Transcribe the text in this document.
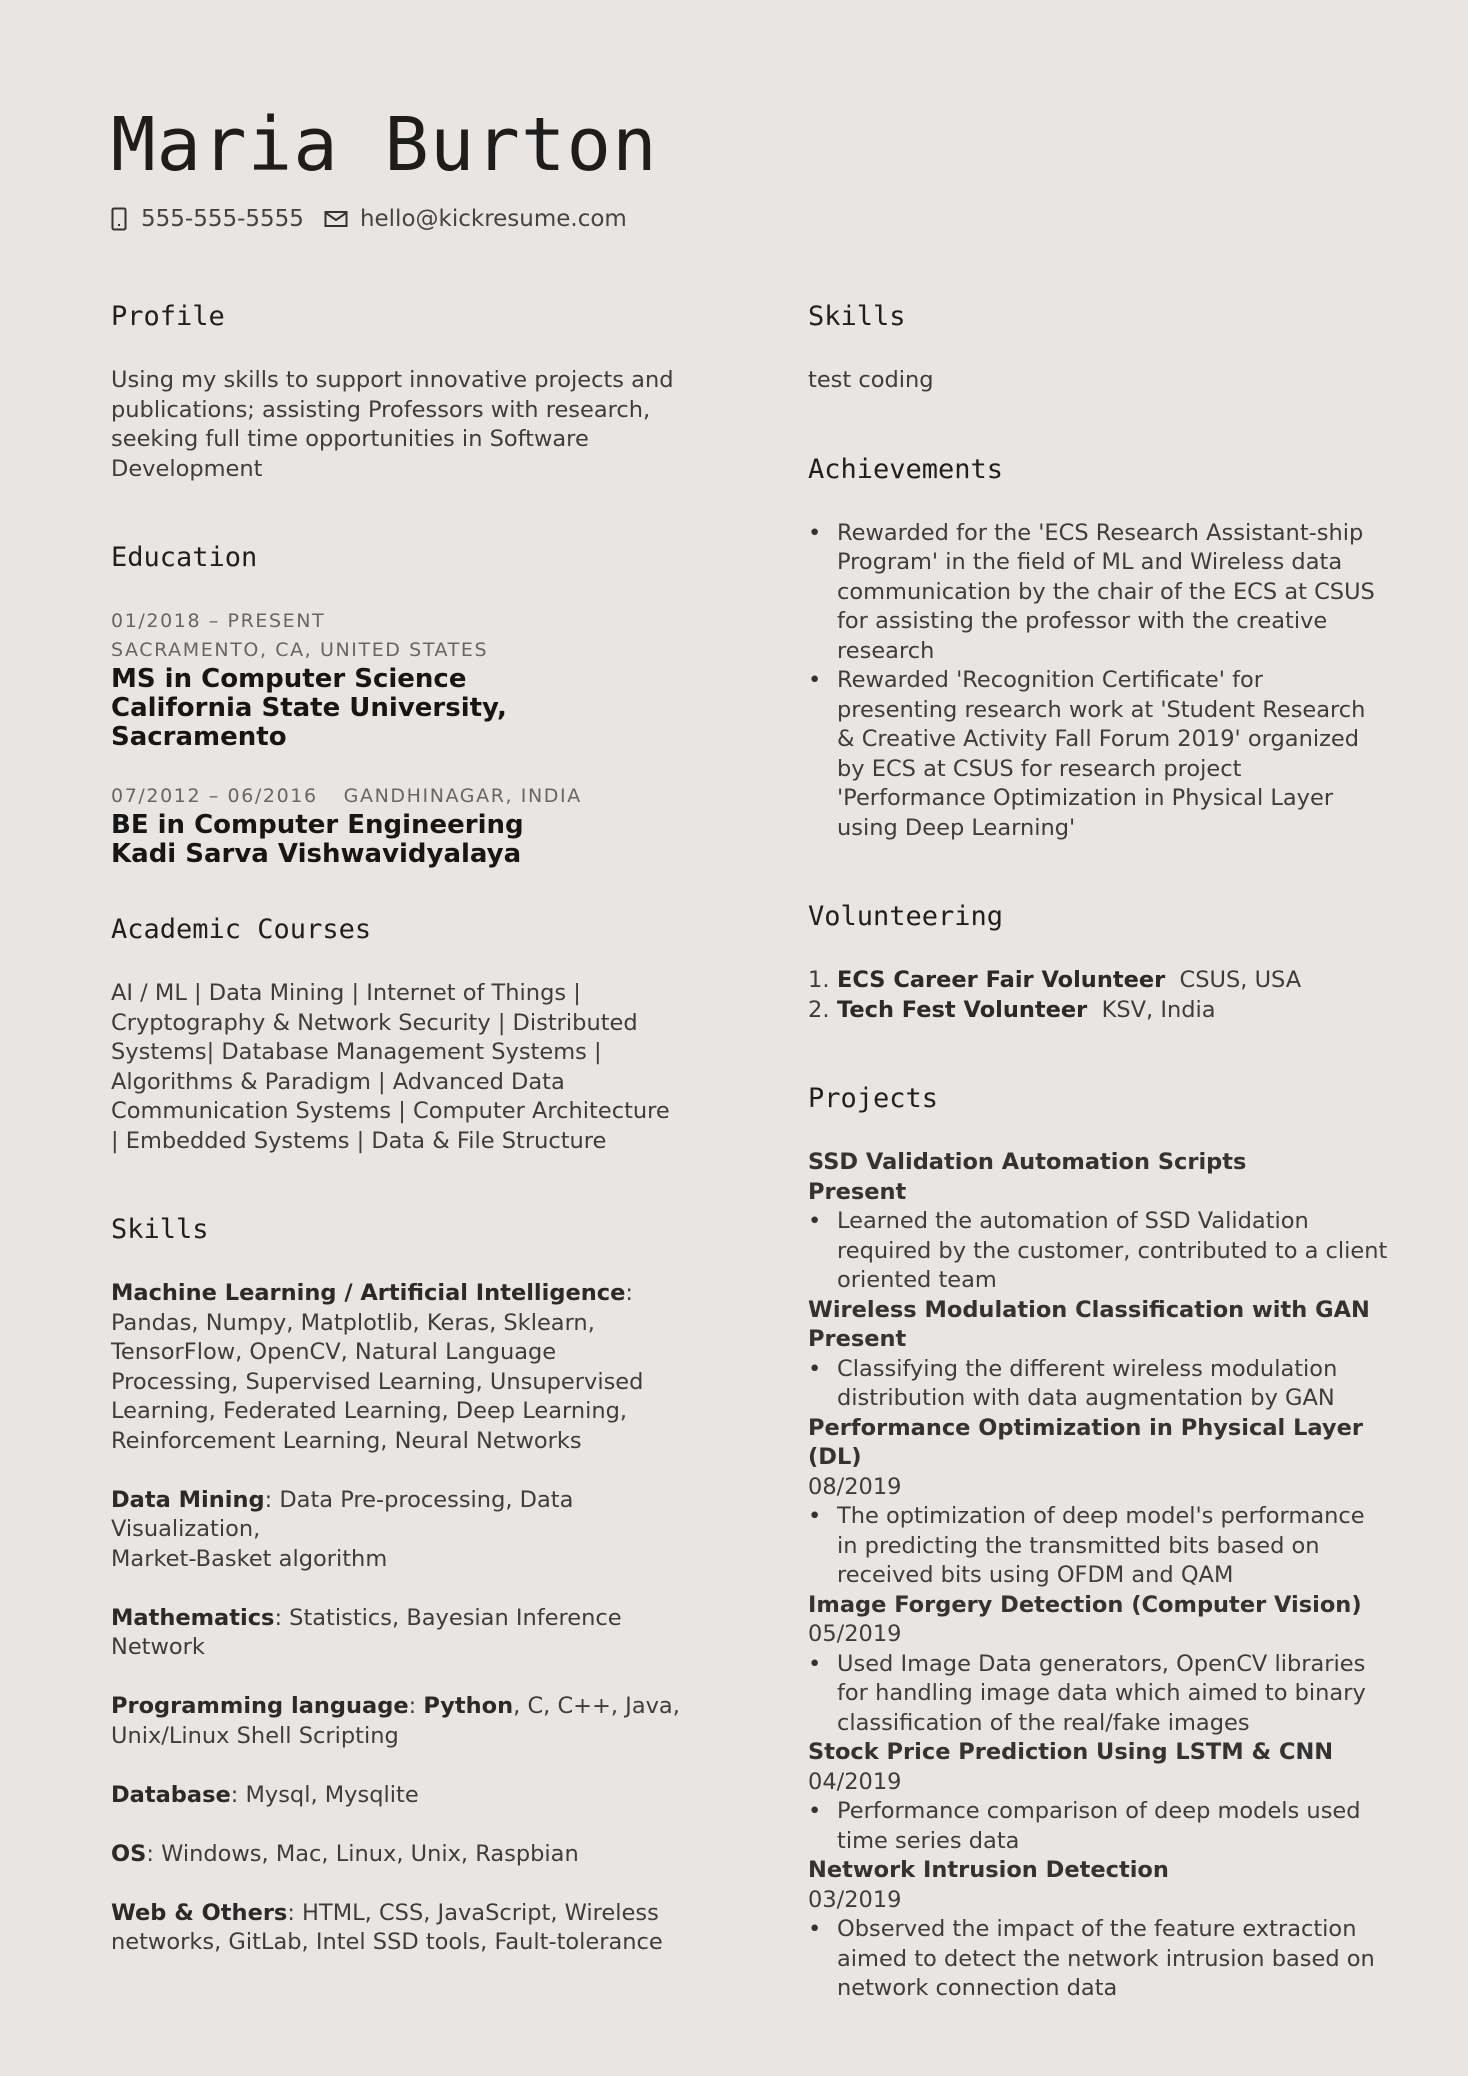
Maria Burton
555-555-5555 hello@kickresume.com
Profile

Using my skills to support innovative projects and publications; assisting Professors with research, seeking full time opportunities in Software Development

Education
01/2018 – PRESENT
SACRAMENTO, CA, UNITED STATES
MS in Computer Science
California State University, Sacramento
07/2012 – 06/2016 GANDHINAGAR, INDIA
BE in Computer Engineering
Kadi Sarva Vishwavidyalaya
Academic Courses

AI / ML | Data Mining | Internet of Things | Cryptography & Network Security | Distributed Systems| Database Management Systems | Algorithms & Paradigm | Advanced Data Communication Systems | Computer Architecture | Embedded Systems | Data & File Structure

Skills

Machine Learning / Artificial Intelligence: Pandas, Numpy, Matplotlib, Keras, Sklearn, TensorFlow, OpenCV, Natural Language Processing, Supervised Learning, Unsupervised Learning, Federated Learning, Deep Learning, Reinforcement Learning, Neural Networks

Data Mining: Data Pre-processing, Data Visualization,
Market-Basket algorithm

Mathematics: Statistics, Bayesian Inference Network

Programming language: Python, C, C++, Java, Unix/Linux Shell Scripting

Database: Mysql, Mysqlite

OS: Windows, Mac, Linux, Unix, Raspbian

Web & Others: HTML, CSS, JavaScript, Wireless networks, GitLab, Intel SSD tools, Fault-tolerance

Skills

test coding

Achievements
• Rewarded for the 'ECS Research Assistant-ship Program' in the field of ML and Wireless data communication by the chair of the ECS at CSUS for assisting the professor with the creative research
• Rewarded 'Recognition Certificate' for presenting research work at 'Student Research & Creative Activity Fall Forum 2019' organized by ECS at CSUS for research project 'Performance Optimization in Physical Layer using Deep Learning'
Volunteering
1. ECS Career Fair Volunteer CSUS, USA
2. Tech Fest Volunteer KSV, India
Projects
SSD Validation Automation Scripts
Present
• Learned the automation of SSD Validation required by the customer, contributed to a client oriented team
Wireless Modulation Classification with GAN
Present
• Classifying the different wireless modulation distribution with data augmentation by GAN
Performance Optimization in Physical Layer (DL)
08/2019
• The optimization of deep model's performance in predicting the transmitted bits based on received bits using OFDM and QAM
Image Forgery Detection (Computer Vision)
05/2019
• Used Image Data generators, OpenCV libraries for handling image data which aimed to binary classification of the real/fake images
Stock Price Prediction Using LSTM & CNN
04/2019
• Performance comparison of deep models used time series data
Network Intrusion Detection
03/2019
• Observed the impact of the feature extraction aimed to detect the network intrusion based on network connection data
